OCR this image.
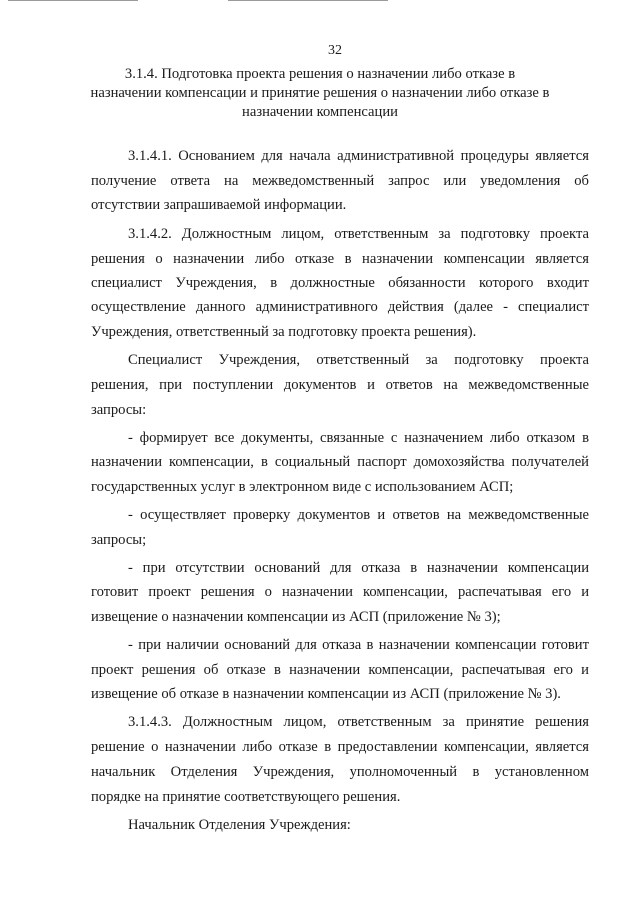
32

3.1.4. Подготовка проекта решения о назначении либо отказе в

назначении компенсации и принятие решения о назначении либо отказе в

назначении компенсации

3.1.4.1. Основанием для начала административной процедуры является

получение ответа на межведомственный запрос или уведомления об

отсутствии запрашиваемой информации.

3.1.4.2. Должностным лицом, ответственным за подготовку проекта

решения о назначении либо отказе в назначении компенсации является

специалист Учреждения, в должностные обязанности которого входит

осуществление данного административного действия (далее - специалист

Учреждения, ответственный за подготовку проекта решения).

Специалист Учреждения, ответственный за подготовку проекта

решения, при поступлении документов и ответов на межведомственные

запросы:

- формирует все документы, связанные с назначением либо отказом в

назначении компенсации, в социальный паспорт домохозяйства получателей

государственных услуг в электронном виде с использованием АСП;

- осуществляет проверку документов и ответов на межведомственные

запросы;

- при отсутствии оснований для отказа в назначении компенсации

готовит проект решения о назначении компенсации, распечатывая его и

извещение о назначении компенсации из АСП (приложение № 3);

- при наличии оснований для отказа в назначении компенсации готовит

проект решения об отказе в назначении компенсации, распечатывая его и

извещение об отказе в назначении компенсации из АСП (приложение № 3).

3.1.4.3. Должностным лицом, ответственным за принятие решения

решение о назначении либо отказе в предоставлении компенсации, является

начальник Отделения Учреждения, уполномоченный в установленном

порядке на принятие соответствующего решения.

Начальник Отделения Учреждения:
